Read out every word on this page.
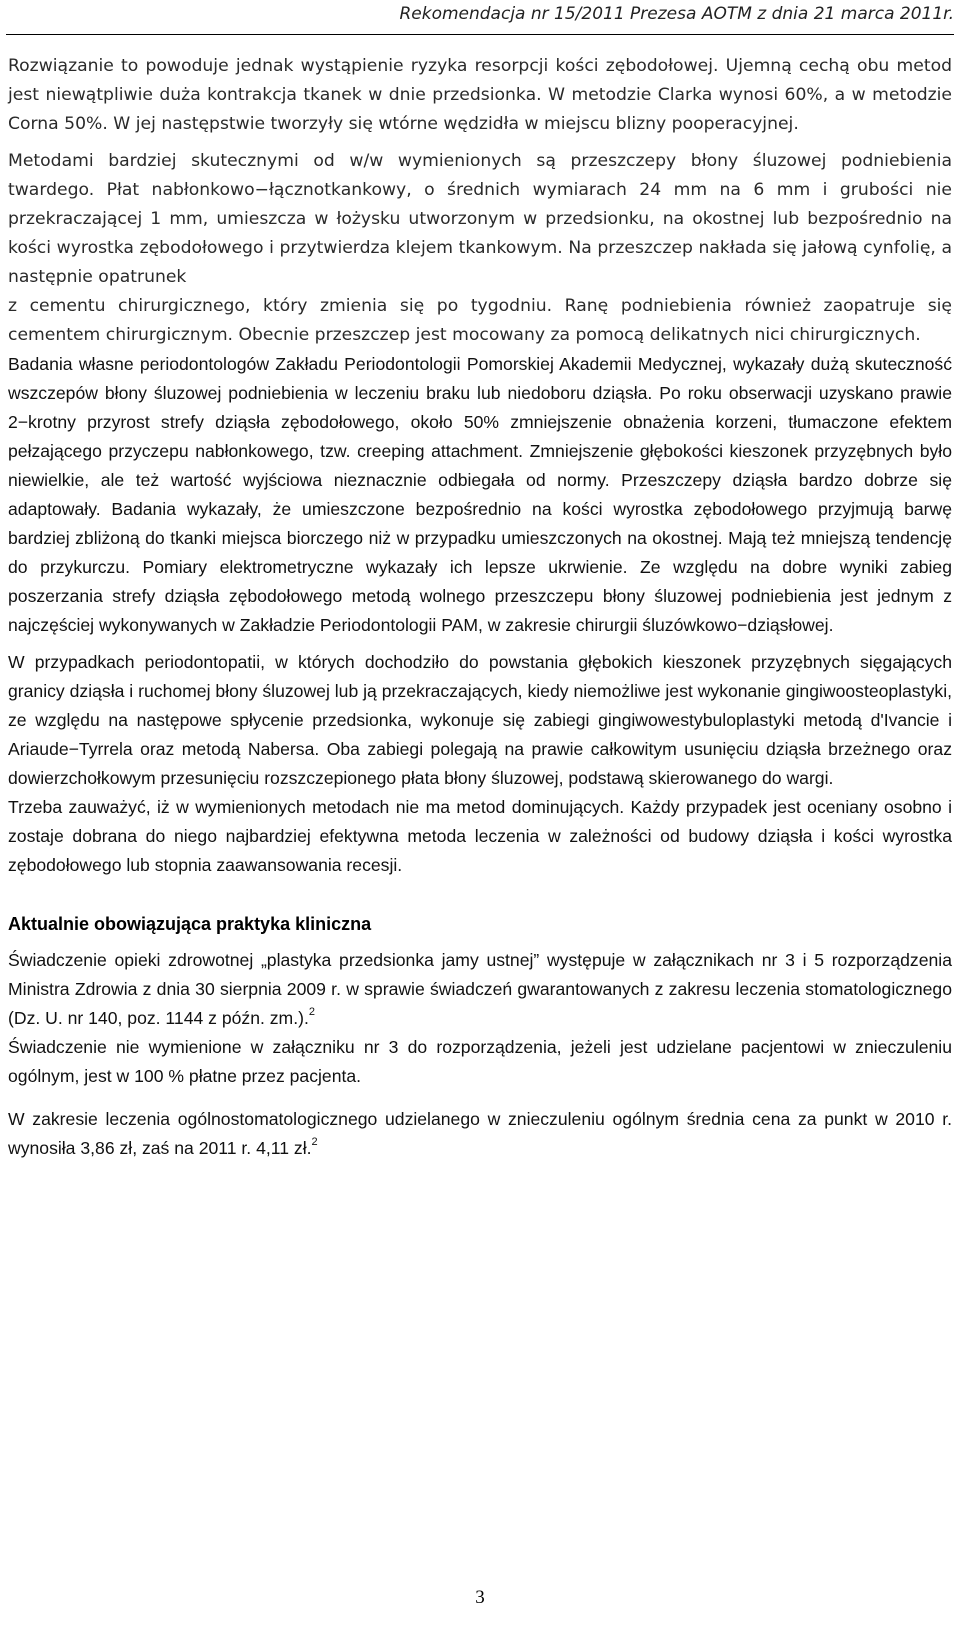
Rekomendacja nr 15/2011 Prezesa AOTM z dnia 21 marca 2011r.

Rozwiązanie to powoduje jednak wystąpienie ryzyka resorpcji kości zębodołowej. Ujemną cechą obu metod jest niewątpliwie duża kontrakcja tkanek w dnie przedsionka. W metodzie Clarka wynosi 60%, a w metodzie Corna 50%. W jej następstwie tworzyły się wtórne wędzidła w miejscu blizny pooperacyjnej.

Metodami bardziej skutecznymi od w/w wymienionych są przeszczepy błony śluzowej podniebienia twardego. Płat nabłonkowo−łącznotkankowy, o średnich wymiarach 24 mm na 6 mm i grubości nie przekraczającej 1 mm, umieszcza w łożysku utworzonym w przedsionku, na okostnej lub bezpośrednio na kości wyrostka zębodołowego i przytwierdza klejem tkankowym. Na przeszczep nakłada się jałową cynfolię, a następnie opatrunek

z cementu chirurgicznego, który zmienia się po tygodniu. Ranę podniebienia również zaopatruje się cementem chirurgicznym. Obecnie przeszczep jest mocowany za pomocą delikatnych nici chirurgicznych.

Badania własne periodontologów Zakładu Periodontologii Pomorskiej Akademii Medycznej, wykazały dużą skuteczność wszczepów błony śluzowej podniebienia w leczeniu braku lub niedoboru dziąsła. Po roku obserwacji uzyskano prawie 2−krotny przyrost strefy dziąsła zębodołowego, około 50% zmniejszenie obnażenia korzeni, tłumaczone efektem pełzającego przyczepu nabłonkowego, tzw. creeping attachment. Zmniejszenie głębokości kieszonek przyzębnych było niewielkie, ale też wartość wyjściowa nieznacznie odbiegała od normy. Przeszczepy dziąsła bardzo dobrze się adaptowały. Badania wykazały, że umieszczone bezpośrednio na kości wyrostka zębodołowego przyjmują barwę bardziej zbliżoną do tkanki miejsca biorczego niż w przypadku umieszczonych na okostnej. Mają też mniejszą tendencję do przykurczu. Pomiary elektrometryczne wykazały ich lepsze ukrwienie. Ze względu na dobre wyniki zabieg poszerzania strefy dziąsła zębodołowego metodą wolnego przeszczepu błony śluzowej podniebienia jest jednym z najczęściej wykonywanych w Zakładzie Periodontologii PAM, w zakresie chirurgii śluzówkowo−dziąsłowej.

W przypadkach periodontopatii, w których dochodziło do powstania głębokich kieszonek przyzębnych sięgających granicy dziąsła i ruchomej błony śluzowej lub ją przekraczających, kiedy niemożliwe jest wykonanie gingiwoosteoplastyki, ze względu na następowe spłycenie przedsionka, wykonuje się zabiegi gingiwowestybuloplastyki metodą d'Ivancie i Ariaude−Tyrrela oraz metodą Nabersa. Oba zabiegi polegają na prawie całkowitym usunięciu dziąsła brzeżnego oraz dowierzchołkowym przesunięciu rozszczepionego płata błony śluzowej, podstawą skierowanego do wargi.

Trzeba zauważyć, iż w wymienionych metodach nie ma metod dominujących. Każdy przypadek jest oceniany osobno i zostaje dobrana do niego najbardziej efektywna metoda leczenia w zależności od budowy dziąsła i kości wyrostka zębodołowego lub stopnia zaawansowania recesji.

Aktualnie obowiązująca praktyka kliniczna

Świadczenie opieki zdrowotnej „plastyka przedsionka jamy ustnej” występuje w załącznikach nr 3 i 5 rozporządzenia Ministra Zdrowia z dnia 30 sierpnia 2009 r. w sprawie świadczeń gwarantowanych z zakresu leczenia stomatologicznego (Dz. U. nr 140, poz. 1144 z późn. zm.).$^2$

Świadczenie nie wymienione w załączniku nr 3 do rozporządzenia, jeżeli jest udzielane pacjentowi w znieczuleniu ogólnym, jest w 100 % płatne przez pacjenta.

W zakresie leczenia ogólnostomatologicznego udzielanego w znieczuleniu ogólnym średnia cena za punkt w 2010 r. wynosiła 3,86 zł, zaś na 2011 r. 4,11 zł.$^2$

3
